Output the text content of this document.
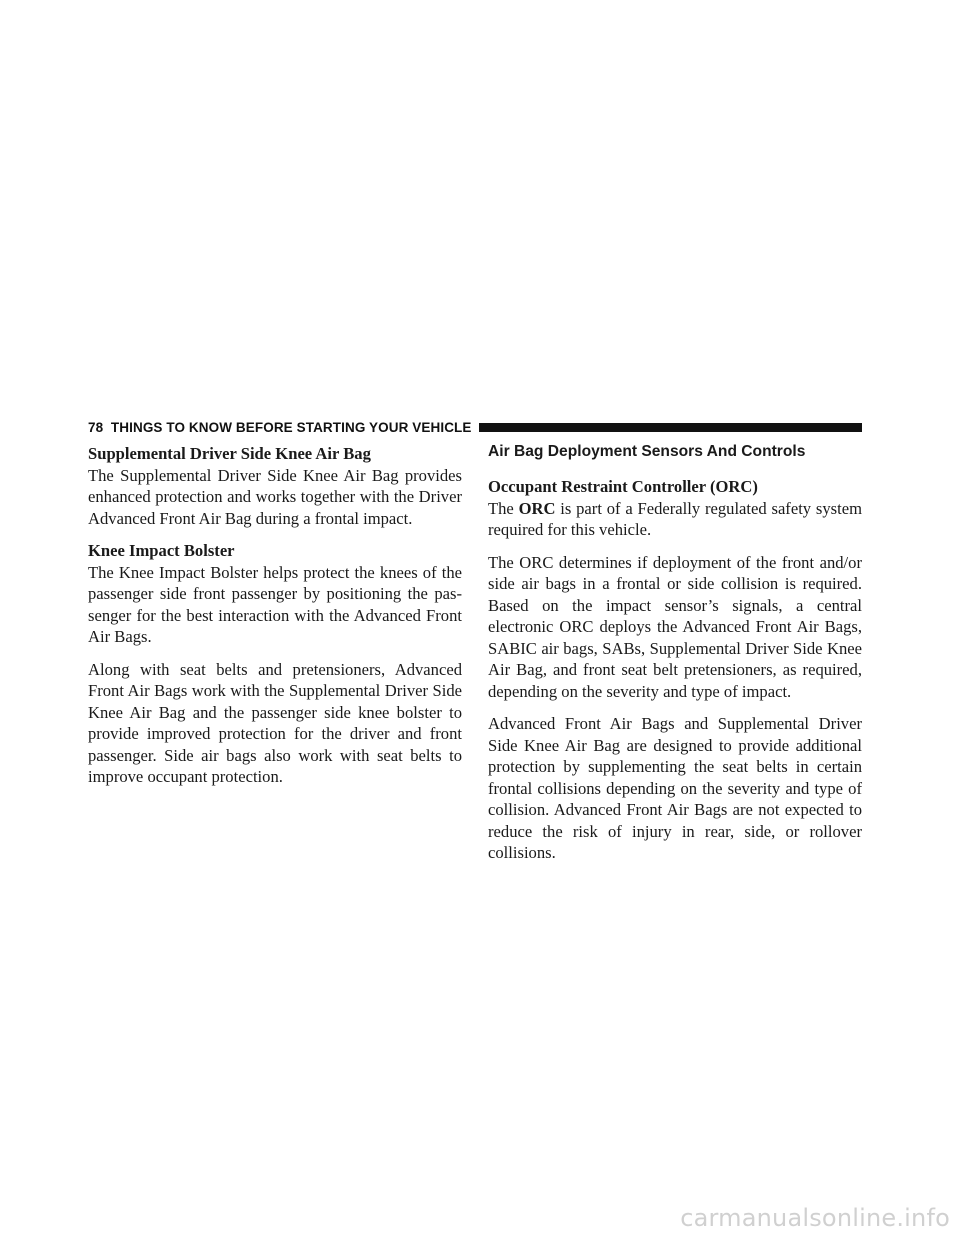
78 THINGS TO KNOW BEFORE STARTING YOUR VEHICLE
Supplemental Driver Side Knee Air Bag

The Supplemental Driver Side Knee Air Bag provides enhanced protection and works together with the Driver Advanced Front Air Bag during a frontal impact.

Knee Impact Bolster

The Knee Impact Bolster helps protect the knees of the passenger side front passenger by positioning the passenger for the best interaction with the Advanced Front Air Bags.

Along with seat belts and pretensioners, Advanced Front Air Bags work with the Supplemental Driver Side Knee Air Bag and the passenger side knee bolster to provide improved protection for the driver and front passenger. Side air bags also work with seat belts to improve occupant protection.

Air Bag Deployment Sensors And Controls
Occupant Restraint Controller (ORC)

The ORC is part of a Federally regulated safety system required for this vehicle.

The ORC determines if deployment of the front and/or side air bags in a frontal or side collision is required. Based on the impact sensor’s signals, a central electronic ORC deploys the Advanced Front Air Bags, SABIC air bags, SABs, Supplemental Driver Side Knee Air Bag, and front seat belt pretensioners, as required, depending on the severity and type of impact.

Advanced Front Air Bags and Supplemental Driver Side Knee Air Bag are designed to provide additional protection by supplementing the seat belts in certain frontal collisions depending on the severity and type of collision. Advanced Front Air Bags are not expected to reduce the risk of injury in rear, side, or rollover collisions.

carmanualsonline.info
